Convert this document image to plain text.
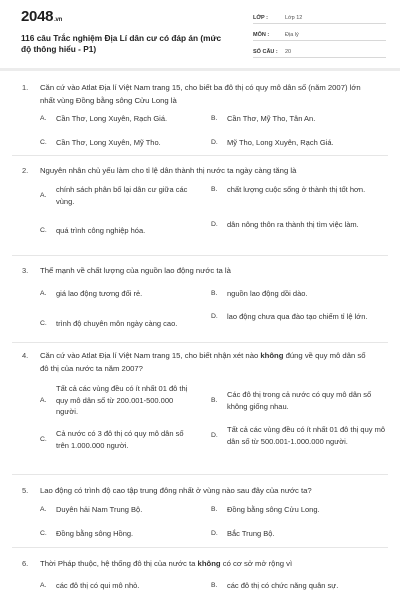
2048.vn
116 câu Trắc nghiệm Địa Lí dân cư có đáp án (mức độ thông hiểu - P1)
LỚP :	Lớp 12
MÔN :	Địa lý
SỐ CÂU :	20
1. Căn cứ vào Atlat Địa lí Việt Nam trang 15, cho biết ba đô thị có quy mô dân số (năm 2007) lớn nhất vùng Đồng bằng sông Cửu Long là
A.	Cần Thơ, Long Xuyên, Rạch Giá.	B.	Cần Thơ, Mỹ Tho, Tân An.
C.	Cần Thơ, Long Xuyên, Mỹ Tho.	D.	Mỹ Tho, Long Xuyên, Rạch Giá.
2. Nguyên nhân chủ yếu làm cho tỉ lệ dân thành thị nước ta ngày càng tăng là
A.
chính sách phân bố lại dân cư giữa các vùng.
B.	chất lượng cuộc sống ở thành thị tốt hơn.
C.	quá trình công nghiệp hóa.
D.	dân nông thôn ra thành thị tìm việc làm.
3. Thế mạnh về chất lượng của nguồn lao động nước ta là
A.	giá lao động tương đối rẻ.	B.	nguồn lao động dồi dào.
C.	trình độ chuyên môn ngày càng cao.
D.	lao động chưa qua đào tạo chiếm tỉ lệ lớn.
4. Căn cứ vào Atlat Địa lí Việt Nam trang 15, cho biết nhận xét nào không đúng về quy mô dân số đô thị của nước ta năm 2007?
A.
Tất cả các vùng đều có ít nhất 01 đô thị quy mô dân số từ 200.001-500.000 người.
B.
Các đô thị trong cả nước có quy mô dân số không giống nhau.
C.
Cả nước có 3 đô thị có quy mô dân số trên 1.000.000 người.
D.
Tất cả các vùng đều có ít nhất 01 đô thị quy mô dân số từ 500.001-1.000.000 người.
5. Lao động có trình độ cao tập trung đông nhất ở vùng nào sau đây của nước ta?
A.	Duyên hải Nam Trung Bộ.	B.	Đồng bằng sông Cửu Long.
C.	Đồng bằng sông Hồng.	D.	Bắc Trung Bộ.
6. Thời Pháp thuộc, hệ thống đô thị của nước ta không có cơ sở mở rộng vì
A.	các đô thị có qui mô nhỏ.	B.	các đô thị có chức năng quân sự.
